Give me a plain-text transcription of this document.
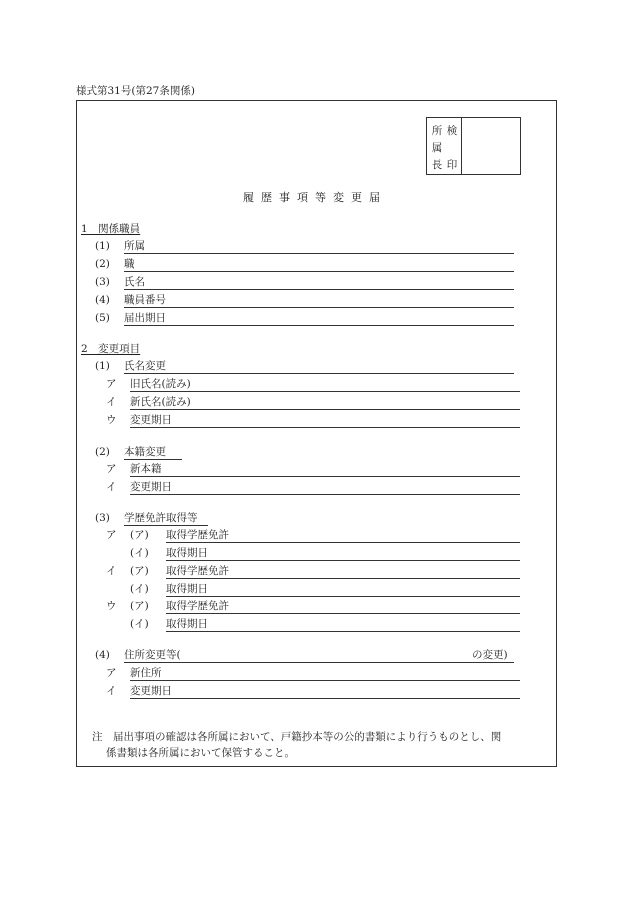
様式第31号(第27条関係)
所
属
長
検

印
履歴事項等変更届
1　関係職員
(1) 所属
(2) 職
(3) 氏名
(4) 職員番号
(5) 届出期日
2　変更項目
(1) 氏名変更
ア 旧氏名(読み)
イ 新氏名(読み)
ウ 変更期日
(2) 本籍変更
ア 新本籍
イ 変更期日
(3) 学歴免許取得等
ア (ア) 取得学歴免許
(イ) 取得期日
イ (ア) 取得学歴免許
(イ) 取得期日
ウ (ア) 取得学歴免許
(イ) 取得期日
(4) 住所変更等(	の変更)
ア 新住所
イ 変更期日
注　届出事項の確認は各所属において、戸籍抄本等の公的書類により行うものとし、関
係書類は各所属において保管すること。
